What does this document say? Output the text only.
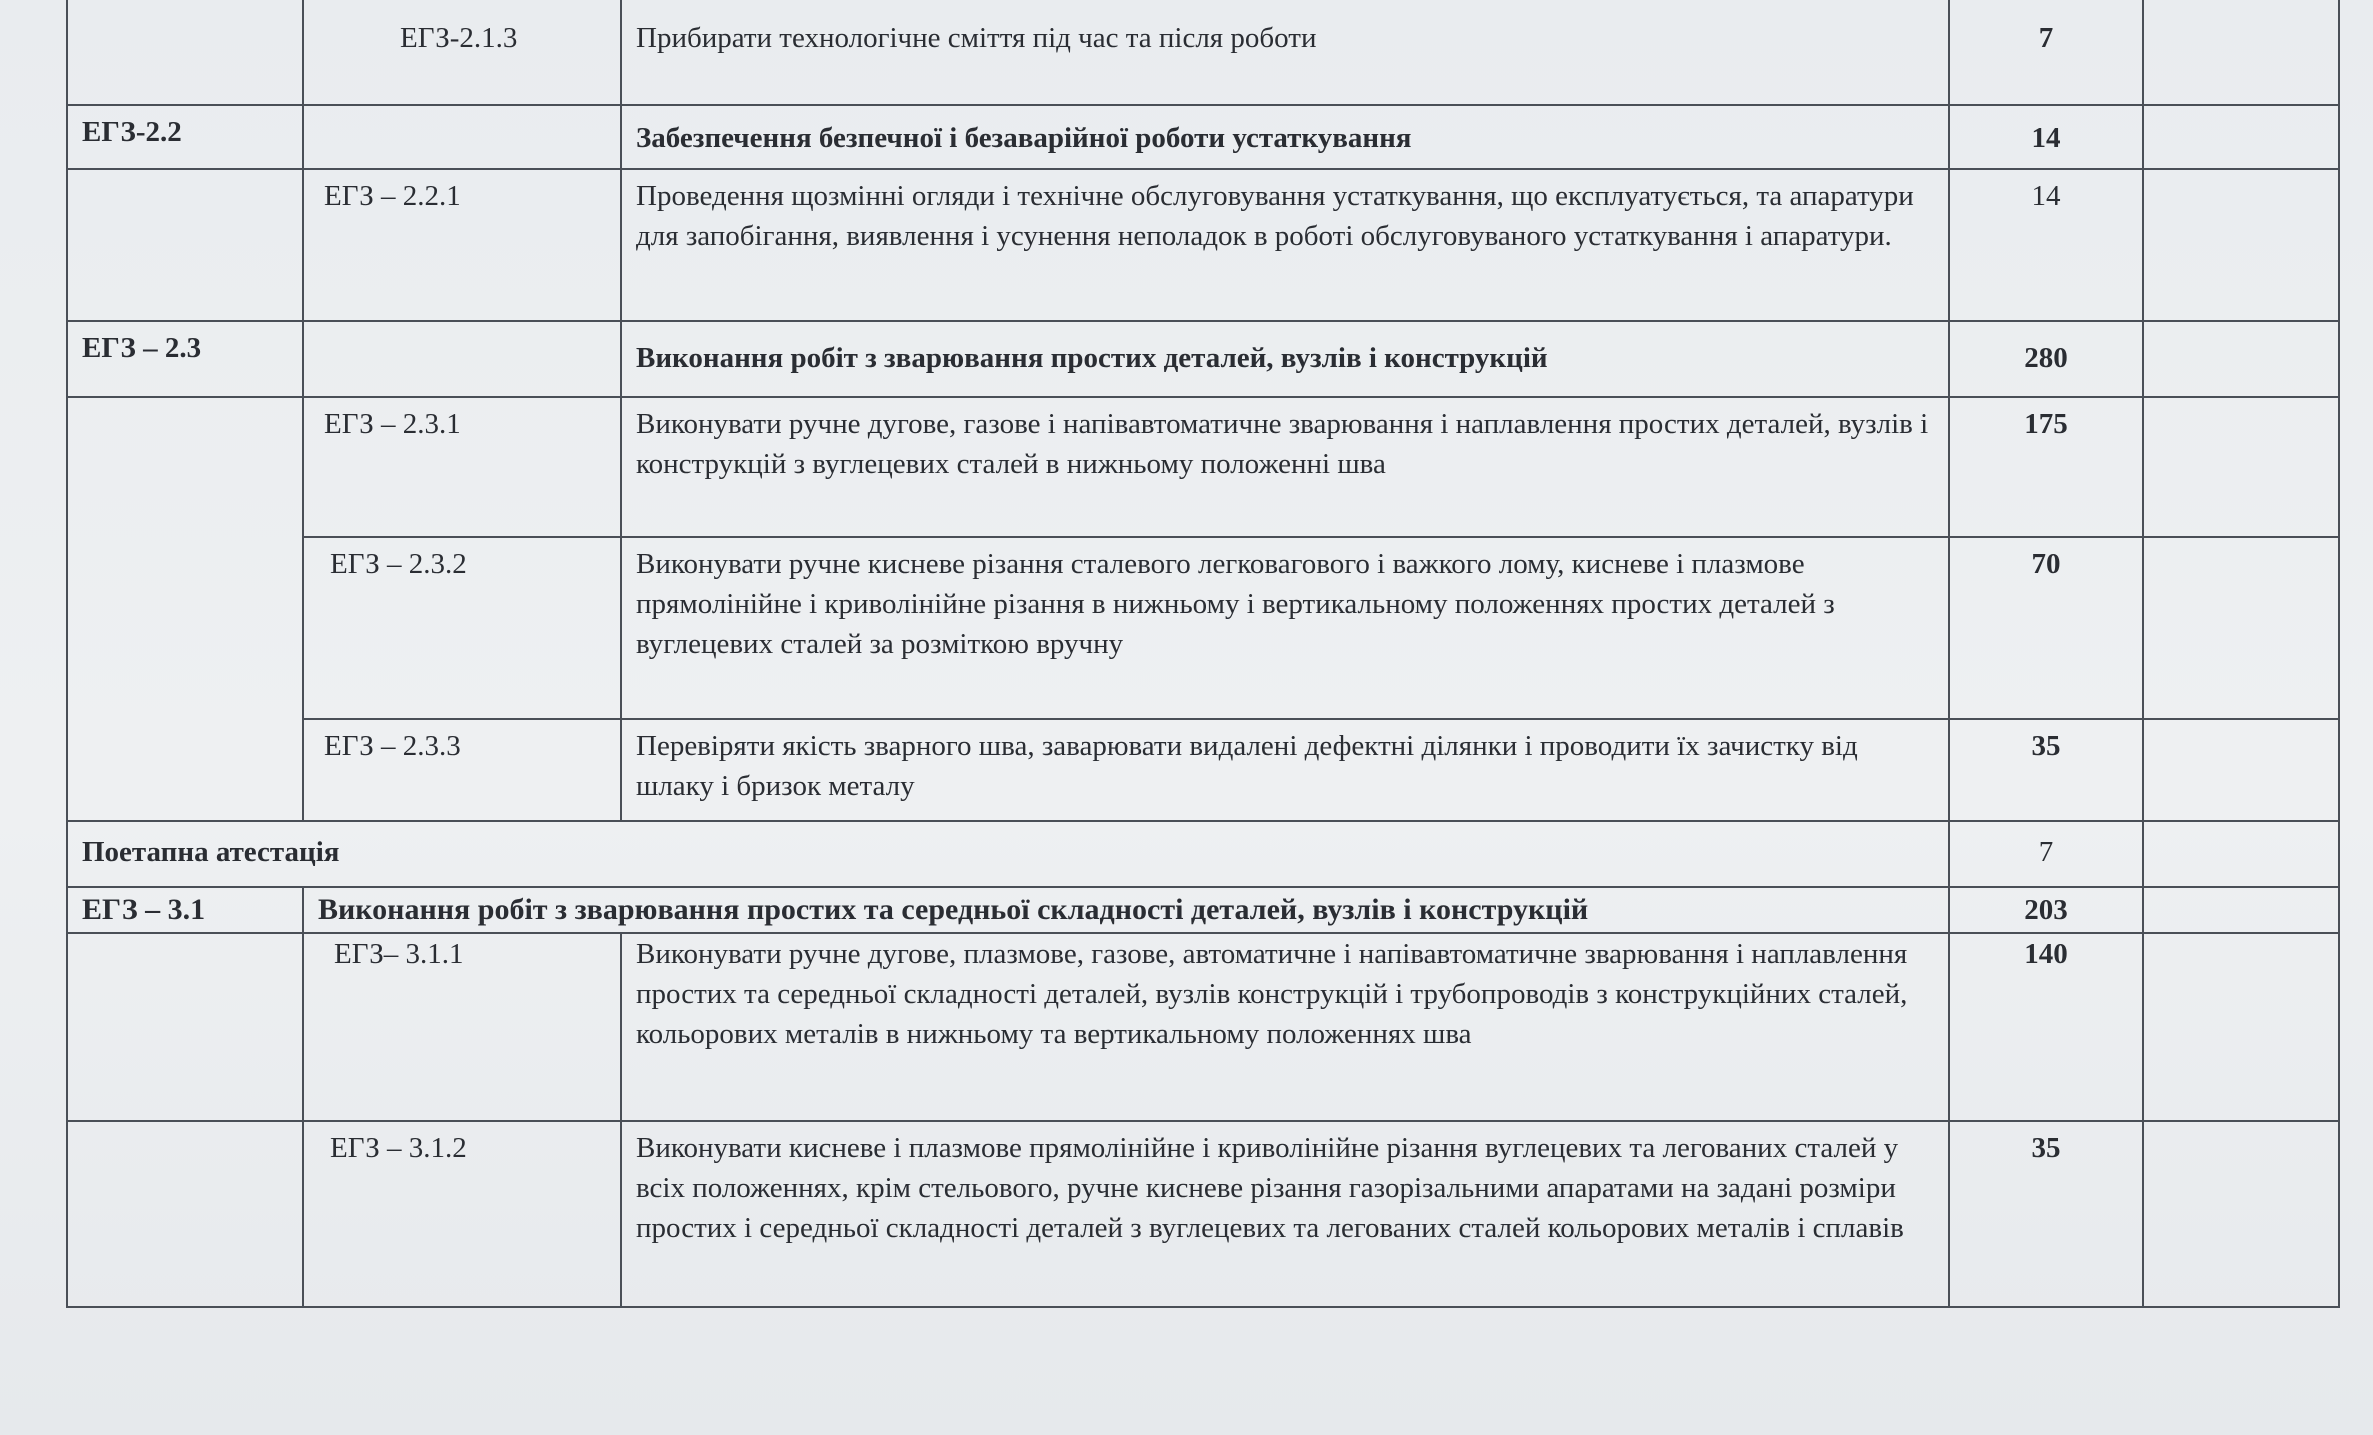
	ЕГЗ-2.1.3	Прибирати технологічне сміття під час та після роботи	7	
ЕГЗ-2.2		Забезпечення безпечної і безаварійної роботи устаткування	14	
	ЕГЗ – 2.2.1	Проведення щозмінні огляди і технічне обслуговування устаткування, що експлуатується, та апаратури для запобігання, виявлення і усунення неполадок в роботі обслуговуваного устаткування і апаратури.	14	
ЕГЗ – 2.3		Виконання робіт з зварювання простих деталей, вузлів і конструкцій	280	
	ЕГЗ – 2.3.1	Виконувати ручне дугове, газове і напівавтоматичне зварювання і наплавлення простих деталей, вузлів і конструкцій з вуглецевих сталей в нижньому положенні шва	175	
	ЕГЗ – 2.3.2	Виконувати ручне кисневе різання сталевого легковагового і важкого лому, кисневе і плазмове прямолінійне і криволінійне різання в нижньому і вертикальному положеннях простих деталей з вуглецевих сталей за розміткою вручну	70	
	ЕГЗ – 2.3.3	Перевіряти якість зварного шва, заварювати видалені дефектні ділянки і проводити їх зачистку від шлаку і бризок металу	35	
Поетапна атестація			7	
ЕГЗ – 3.1	Виконання робіт з зварювання простих та середньої складності деталей, вузлів і конструкцій		203	
	ЕГЗ– 3.1.1	Виконувати ручне дугове, плазмове, газове, автоматичне і напівавтоматичне зварювання і наплавлення простих та середньої складності деталей, вузлів конструкцій і трубопроводів з конструкційних сталей, кольорових металів в нижньому та вертикальному положеннях шва	140	
	ЕГЗ – 3.1.2	Виконувати кисневе і плазмове прямолінійне і криволінійне різання вуглецевих та легованих сталей у всіх положеннях, крім стельового, ручне кисневе різання газорізальними апаратами на задані розміри простих і середньої складності деталей з вуглецевих та легованих сталей кольорових металів і сплавів	35	
